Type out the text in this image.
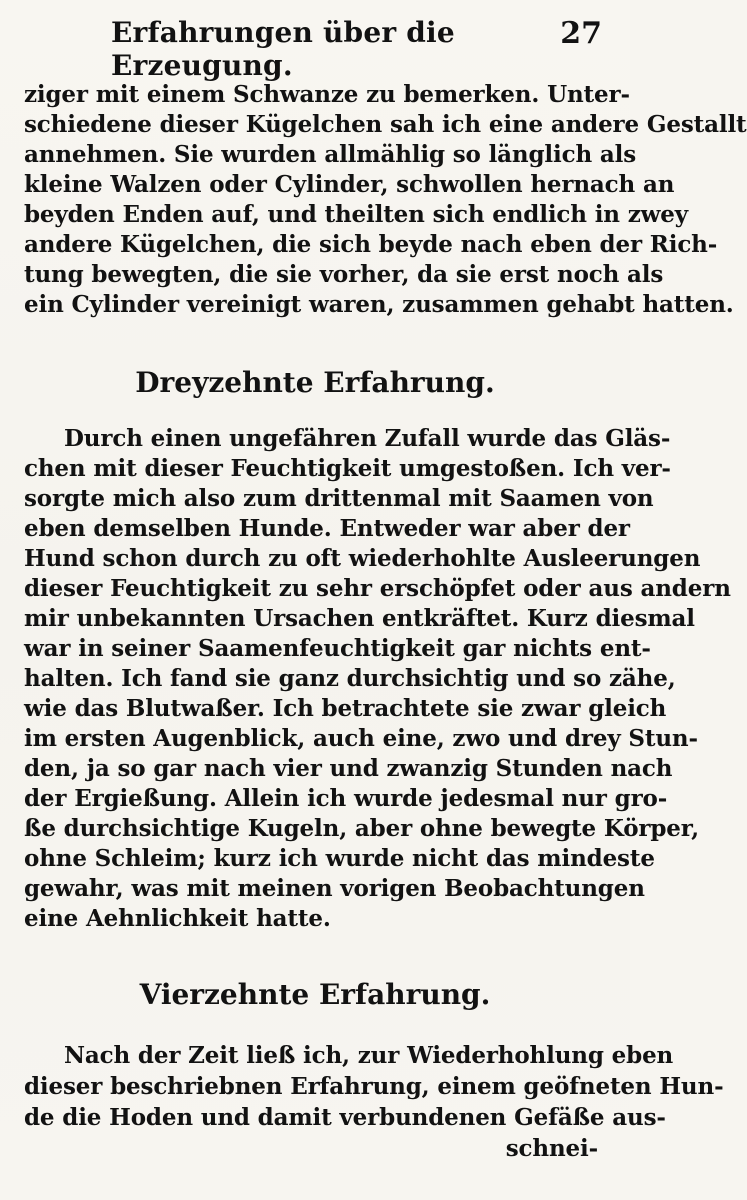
Erfahrungen über die Erzeugung.
27
ziger mit einem Schwanze zu bemerken. Unter-
schiedene dieser Kügelchen sah ich eine andere Gestallt
annehmen. Sie wurden allmählig so länglich als
kleine Walzen oder Cylinder, schwollen hernach an
beyden Enden auf, und theilten sich endlich in zwey
andere Kügelchen, die sich beyde nach eben der Rich-
tung bewegten, die sie vorher, da sie erst noch als
ein Cylinder vereinigt waren, zusammen gehabt hatten.
Dreyzehnte Erfahrung.
Durch einen ungefähren Zufall wurde das Gläs-
chen mit dieser Feuchtigkeit umgestoßen. Ich ver-
sorgte mich also zum drittenmal mit Saamen von
eben demselben Hunde. Entweder war aber der
Hund schon durch zu oft wiederhohlte Ausleerungen
dieser Feuchtigkeit zu sehr erschöpfet oder aus andern
mir unbekannten Ursachen entkräftet. Kurz diesmal
war in seiner Saamenfeuchtigkeit gar nichts ent-
halten. Ich fand sie ganz durchsichtig und so zähe,
wie das Blutwaßer. Ich betrachtete sie zwar gleich
im ersten Augenblick, auch eine, zwo und drey Stun-
den, ja so gar nach vier und zwanzig Stunden nach
der Ergießung. Allein ich wurde jedesmal nur gro-
ße durchsichtige Kugeln, aber ohne bewegte Körper,
ohne Schleim; kurz ich wurde nicht das mindeste
gewahr, was mit meinen vorigen Beobachtungen
eine Aehnlichkeit hatte.
Vierzehnte Erfahrung.
Nach der Zeit ließ ich, zur Wiederhohlung eben
dieser beschriebnen Erfahrung, einem geöfneten Hun-
de die Hoden und damit verbundenen Gefäße aus-
schnei-
